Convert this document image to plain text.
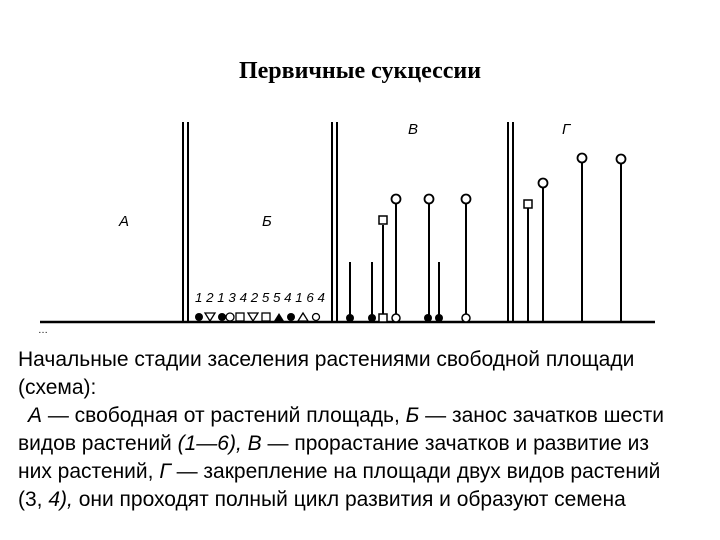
Первичные сукцессии
…
А	Б
В	Г
1 2 1 3 4 2 5 5 4 1 6 4

Начальные стадии заселения растениями свободной площади

(схема):

А — свободная от растений площадь, Б — занос зачатков шести

видов растений (1—6), В — прорастание зачатков и развитие из

них растений, Г — закрепление на площади двух видов растений

(3, 4), они проходят полный цикл развития и образуют семена
